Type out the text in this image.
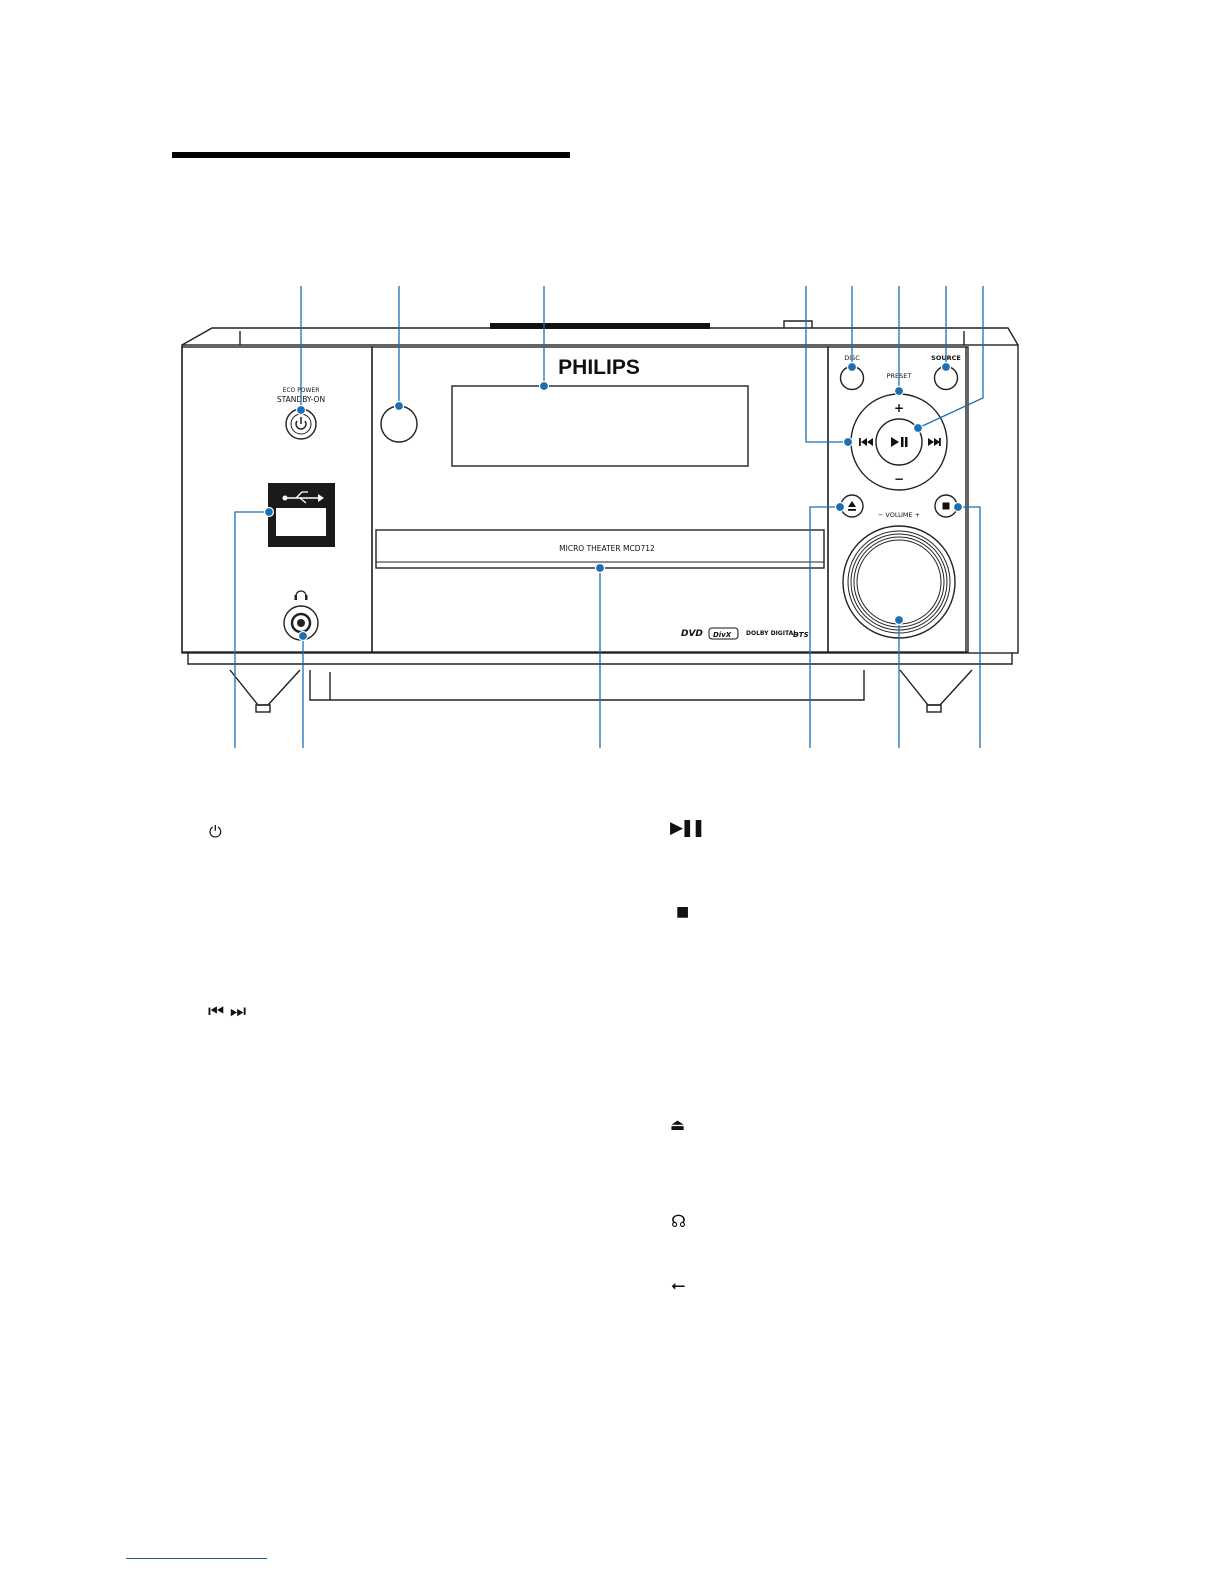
PHILIPS
MICRO THEATER MCD712
DVD DivX DOLBY DIGITAL
DTS
ECO POWER
STANDBY-ON
DISC	SOURCE
PRESET
+
−
− VOLUME +
⏻
⏮ ⏭
▶❚❚
■
⏏
☊
⭠
